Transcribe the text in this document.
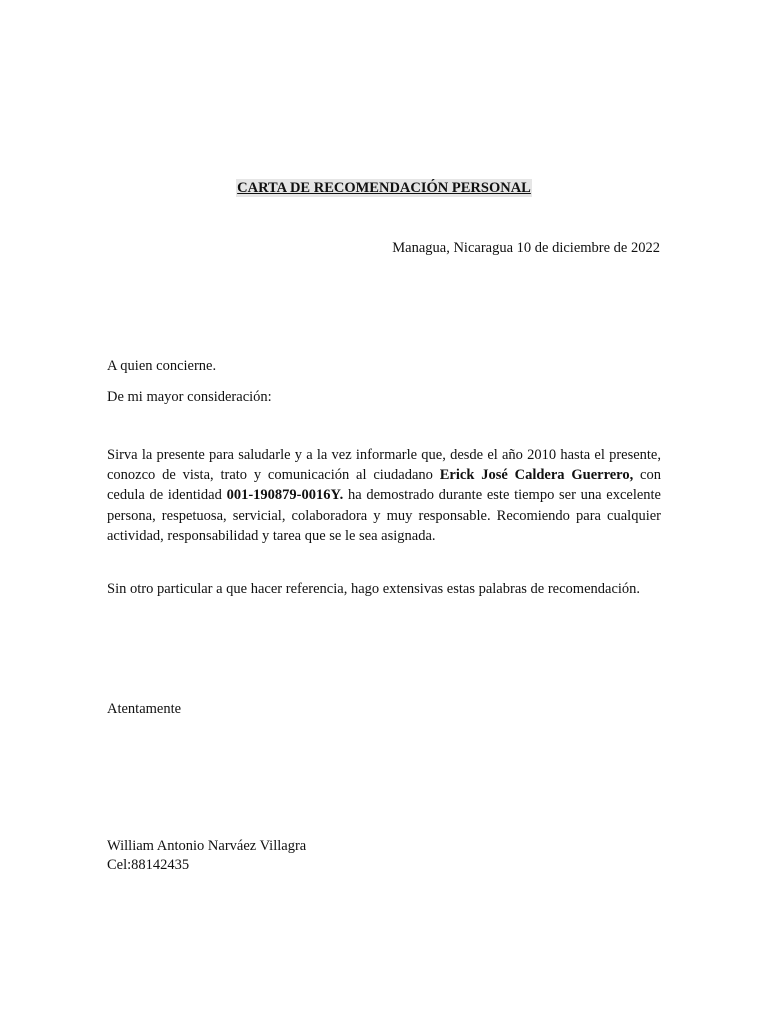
CARTA DE RECOMENDACIÓN PERSONAL
Managua, Nicaragua 10 de diciembre de 2022
A quien concierne.
De mi mayor consideración:
Sirva la presente para saludarle y a la vez informarle que, desde el año 2010 hasta el presente,
conozco de vista, trato y comunicación al ciudadano Erick José Caldera Guerrero, con
cedula de identidad 001-190879-0016Y. ha demostrado durante este tiempo ser una excelente
persona, respetuosa, servicial, colaboradora y muy responsable. Recomiendo para cualquier
actividad, responsabilidad y tarea que se le sea asignada.
Sin otro particular a que hacer referencia, hago extensivas estas palabras de recomendación.
Atentamente
William Antonio Narváez Villagra
Cel:88142435
